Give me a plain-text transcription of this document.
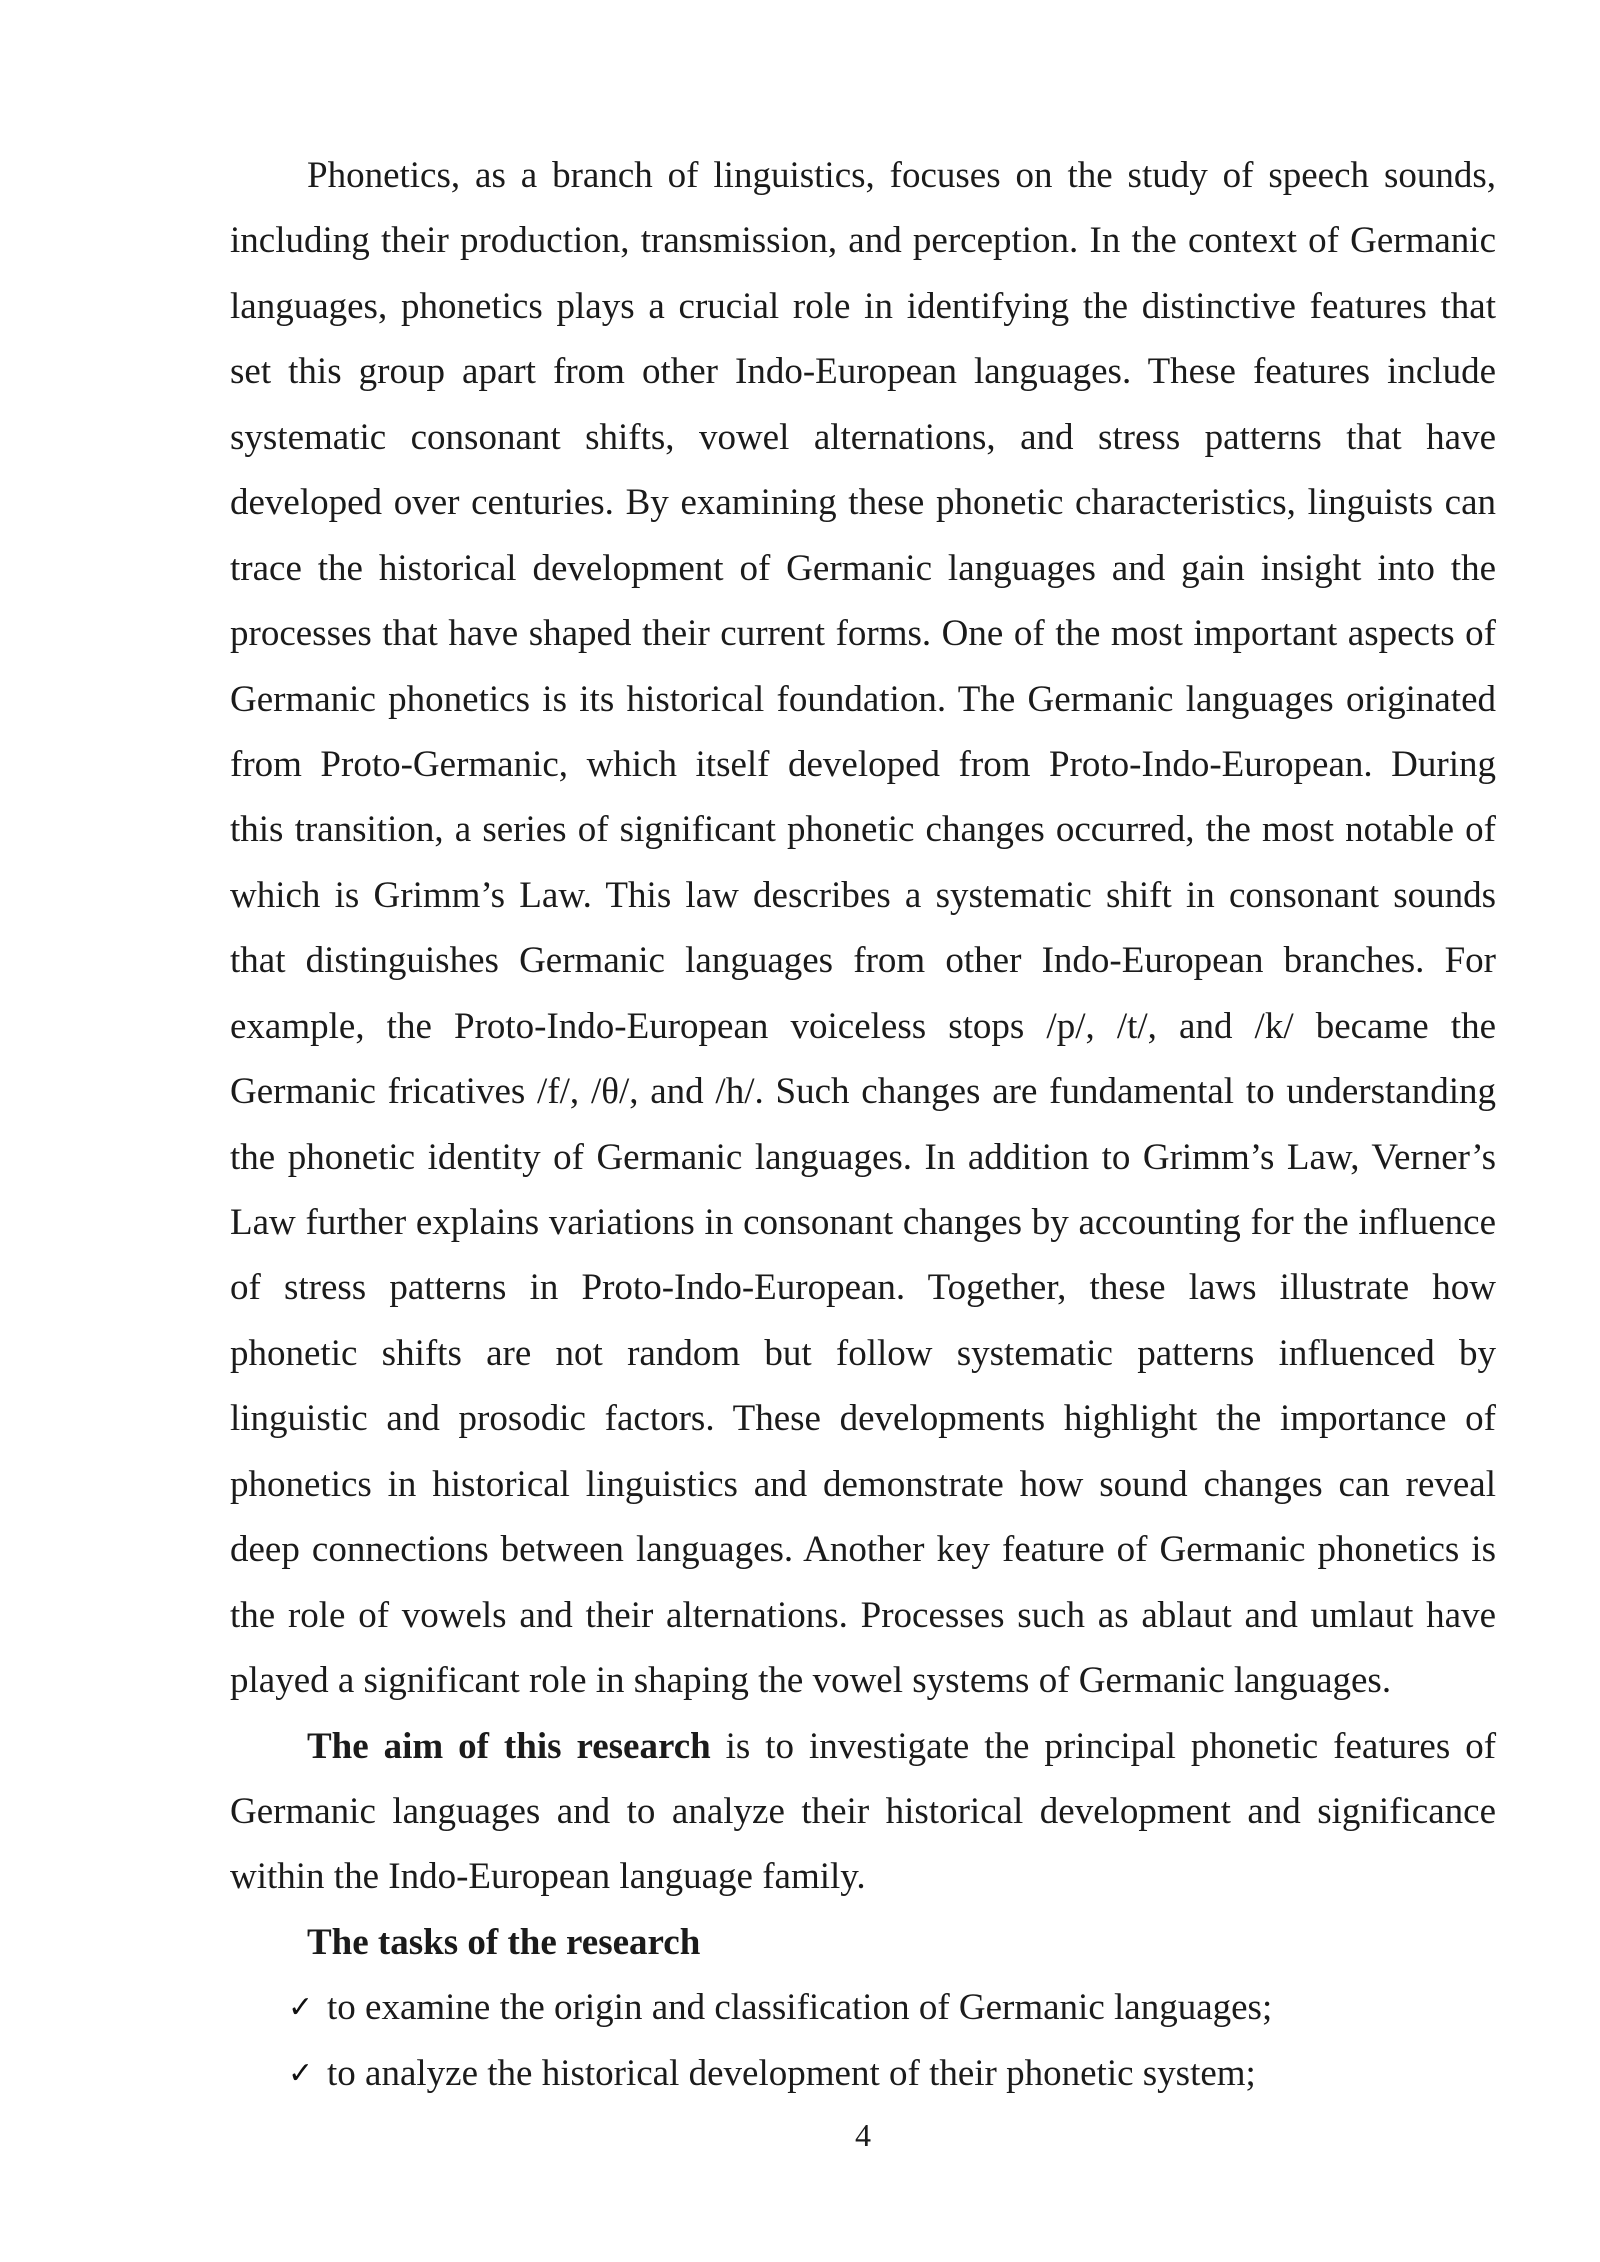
Phonetics, as a branch of linguistics, focuses on the study of speech sounds,
including their production, transmission, and perception. In the context of Germanic
languages, phonetics plays a crucial role in identifying the distinctive features that
set this group apart from other Indo-European languages. These features include
systematic consonant shifts, vowel alternations, and stress patterns that have
developed over centuries. By examining these phonetic characteristics, linguists can
trace the historical development of Germanic languages and gain insight into the
processes that have shaped their current forms. One of the most important aspects of
Germanic phonetics is its historical foundation. The Germanic languages originated
from Proto-Germanic, which itself developed from Proto-Indo-European. During
this transition, a series of significant phonetic changes occurred, the most notable of
which is Grimm’s Law. This law describes a systematic shift in consonant sounds
that distinguishes Germanic languages from other Indo-European branches. For
example, the Proto-Indo-European voiceless stops /p/, /t/, and /k/ became the
Germanic fricatives /f/, /θ/, and /h/. Such changes are fundamental to understanding
the phonetic identity of Germanic languages. In addition to Grimm’s Law, Verner’s
Law further explains variations in consonant changes by accounting for the influence
of stress patterns in Proto-Indo-European. Together, these laws illustrate how
phonetic shifts are not random but follow systematic patterns influenced by
linguistic and prosodic factors. These developments highlight the importance of
phonetics in historical linguistics and demonstrate how sound changes can reveal
deep connections between languages. Another key feature of Germanic phonetics is
the role of vowels and their alternations. Processes such as ablaut and umlaut have
played a significant role in shaping the vowel systems of Germanic languages.
The aim of this research is to investigate the principal phonetic features of
Germanic languages and to analyze their historical development and significance
within the Indo-European language family.
The tasks of the research
✓ to examine the origin and classification of Germanic languages;
✓ to analyze the historical development of their phonetic system;
4
